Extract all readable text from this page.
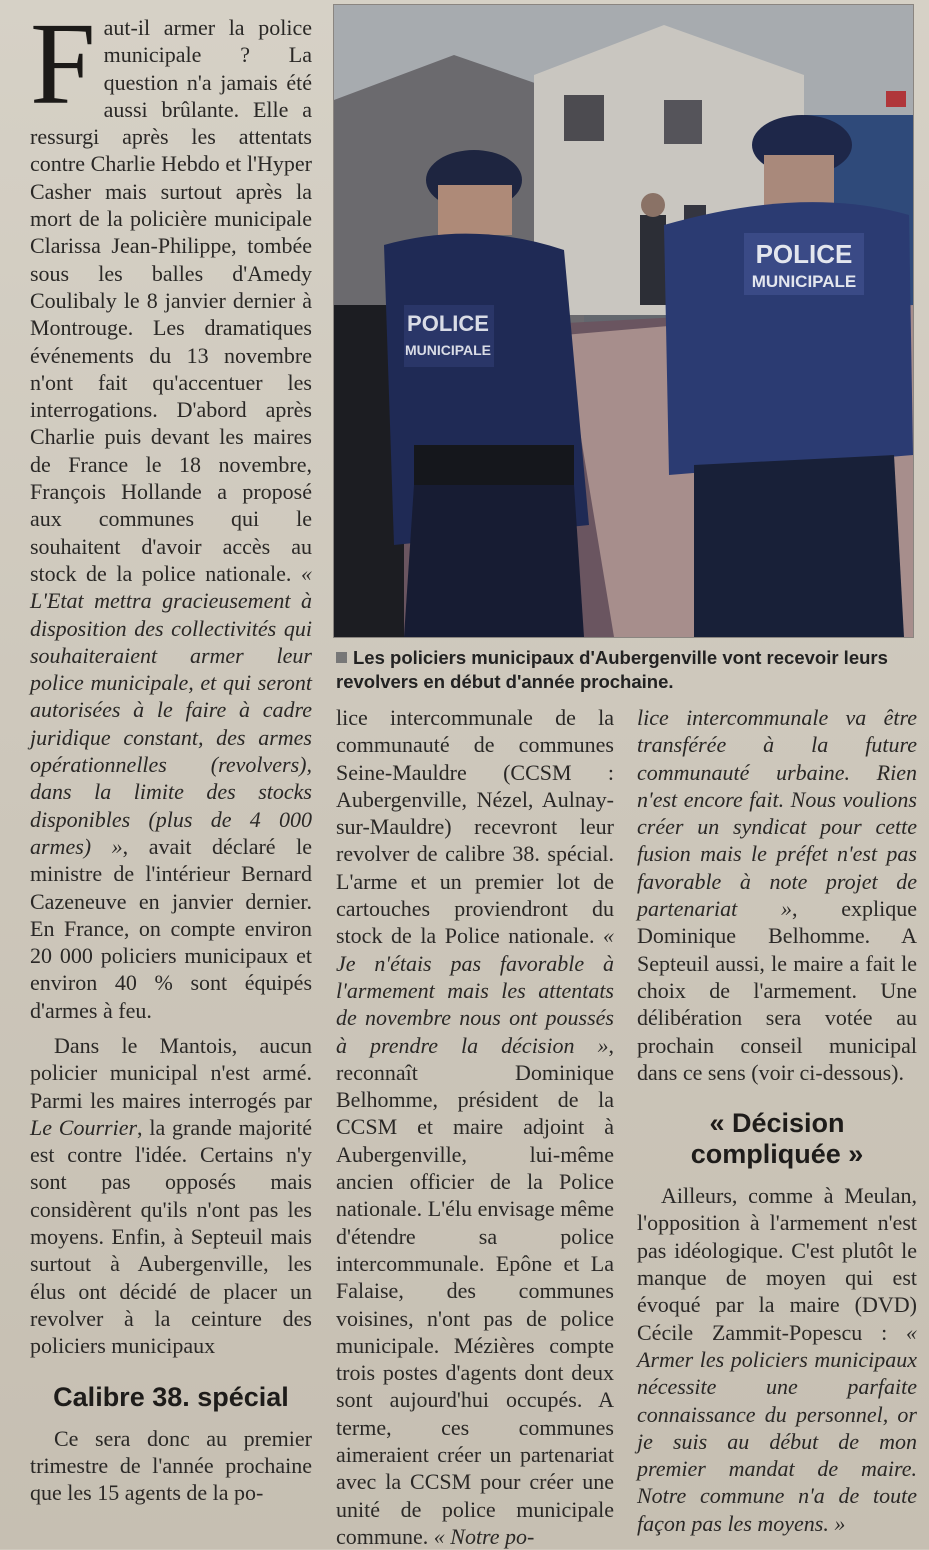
Faut-il armer la police municipale ? La question n'a jamais été aussi brûlante. Elle a ressurgi après les attentats contre Charlie Hebdo et l'Hyper Casher mais surtout après la mort de la policière municipale Clarissa Jean-Philippe, tombée sous les balles d'Amedy Coulibaly le 8 janvier dernier à Montrouge. Les dramatiques événements du 13 novembre n'ont fait qu'accentuer les interrogations. D'abord après Charlie puis devant les maires de France le 18 novembre, François Hollande a proposé aux communes qui le souhaitent d'avoir accès au stock de la police nationale. « L'Etat mettra gracieusement à disposition des collectivités qui souhaiteraient armer leur police municipale, et qui seront autorisées à le faire à cadre juridique constant, des armes opérationnelles (revolvers), dans la limite des stocks disponibles (plus de 4 000 armes) », avait déclaré le ministre de l'intérieur Bernard Cazeneuve en janvier dernier. En France, on compte environ 20 000 policiers municipaux et environ 40 % sont équipés d'armes à feu.

Dans le Mantois, aucun policier municipal n'est armé. Parmi les maires interrogés par Le Courrier, la grande majorité est contre l'idée. Certains n'y sont pas opposés mais considèrent qu'ils n'ont pas les moyens. Enfin, à Septeuil mais surtout à Aubergenville, les élus ont décidé de placer un revolver à la ceinture des policiers municipaux

Calibre 38. spécial

Ce sera donc au premier trimestre de l'année prochaine que les 15 agents de la po-

POLICE
MUNICIPALE
POLICE
MUNICIPALE
Les policiers municipaux d'Aubergenville vont recevoir leurs revolvers en début d'année prochaine.

lice intercommunale de la communauté de communes Seine-Mauldre (CCSM : Aubergenville, Nézel, Aulnay-sur-Mauldre) recevront leur revolver de calibre 38. spécial. L'arme et un premier lot de cartouches proviendront du stock de la Police nationale. « Je n'étais pas favorable à l'armement mais les attentats de novembre nous ont poussés à prendre la décision », reconnaît Dominique Belhomme, président de la CCSM et maire adjoint à Aubergenville, lui-même ancien officier de la Police nationale. L'élu envisage même d'étendre sa police intercommunale. Epône et La Falaise, des communes voisines, n'ont pas de police municipale. Mézières compte trois postes d'agents dont deux sont aujourd'hui occupés. A terme, ces communes aimeraient créer un partenariat avec la CCSM pour créer une unité de police municipale commune. « Notre po-

lice intercommunale va être transférée à la future communauté urbaine. Rien n'est encore fait. Nous voulions créer un syndicat pour cette fusion mais le préfet n'est pas favorable à note projet de partenariat », explique Dominique Belhomme. A Septeuil aussi, le maire a fait le choix de l'armement. Une délibération sera votée au prochain conseil municipal dans ce sens (voir ci-dessous).

« Décision compliquée »

Ailleurs, comme à Meulan, l'opposition à l'armement n'est pas idéologique. C'est plutôt le manque de moyen qui est évoqué par la maire (DVD) Cécile Zammit-Popescu : « Armer les policiers municipaux nécessite une parfaite connaissance du personnel, or je suis au début de mon premier mandat de maire. Notre commune n'a de toute façon pas les moyens. »
